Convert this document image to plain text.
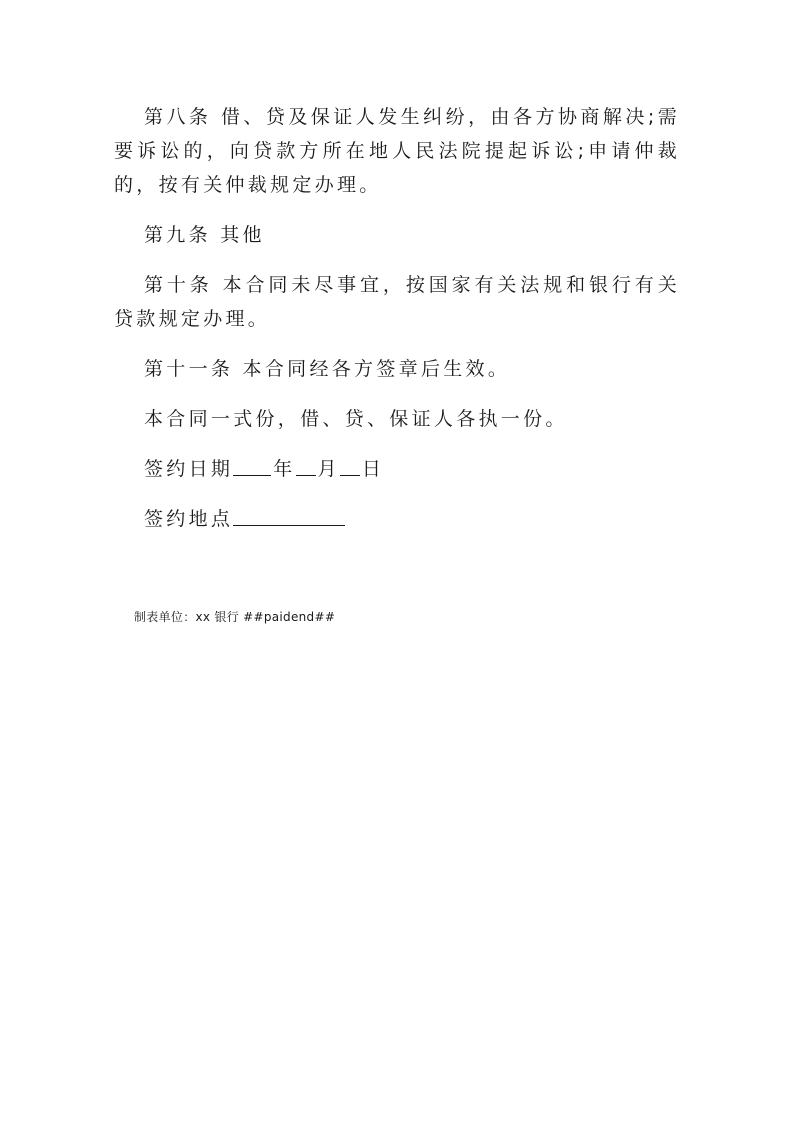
第八条 借、贷及保证人发生纠纷，由各方协商解决;需要诉讼的，向贷款方所在地人民法院提起诉讼;申请仲裁的，按有关仲裁规定办理。

第九条 其他

第十条 本合同未尽事宜，按国家有关法规和银行有关贷款规定办理。

第十一条 本合同经各方签章后生效。

本合同一式份，借、贷、保证人各执一份。

签约日期 年 月 日

签约地点

制表单位：xx 银行 ##paidend##
